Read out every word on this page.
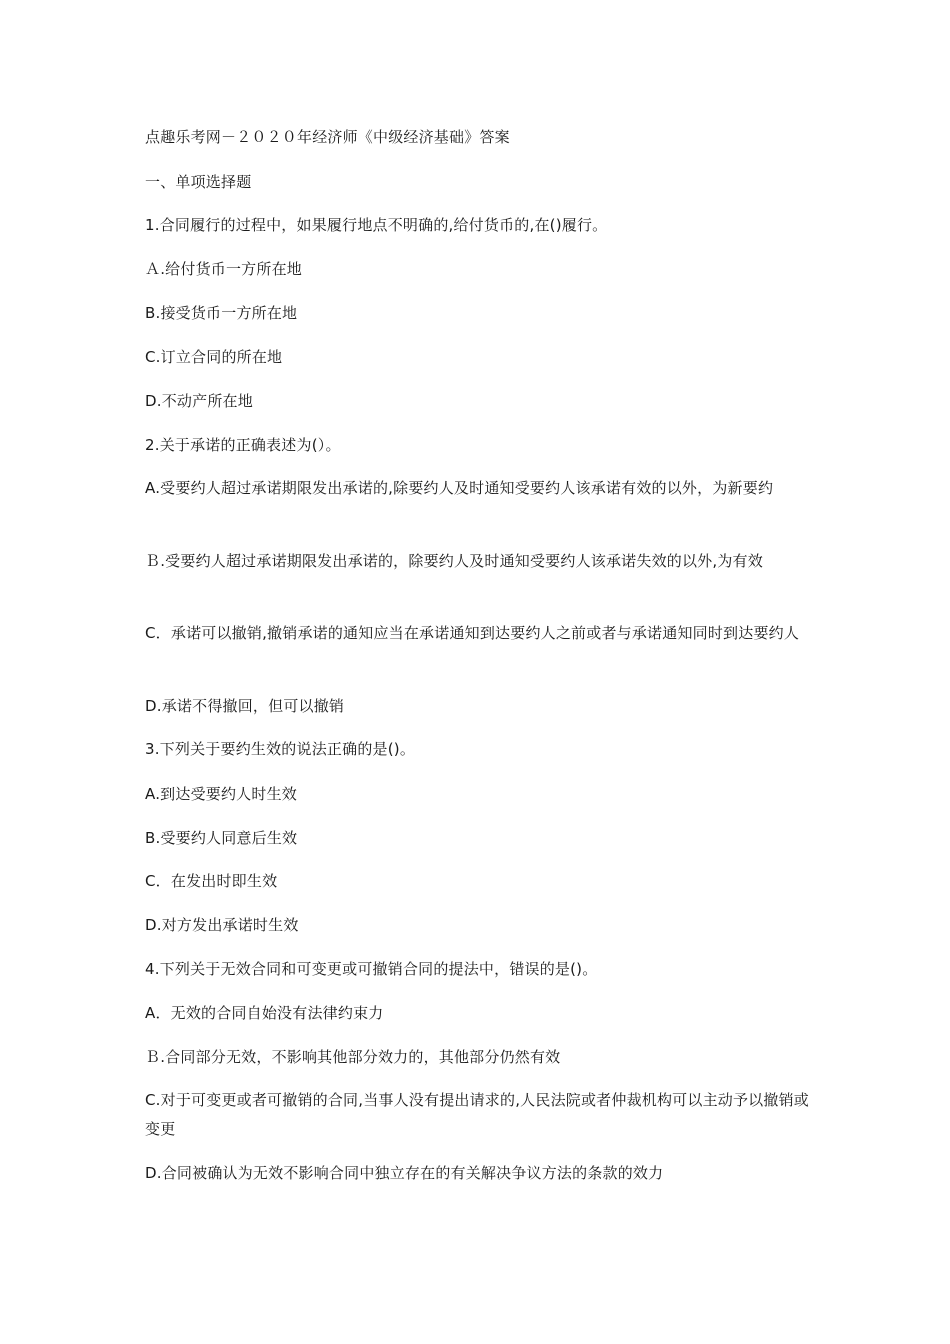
点趣乐考网－２０２０年经济师《中级经济基础》答案
一、单项选择题
1.合同履行的过程中，如果履行地点不明确的,给付货币的,在()履行。
Ａ.给付货币一方所在地
B.接受货币一方所在地
C.订立合同的所在地
D.不动产所在地
2.关于承诺的正确表述为(）。
A.受要约人超过承诺期限发出承诺的,除要约人及时通知受要约人该承诺有效的以外，为新要约
Ｂ.受要约人超过承诺期限发出承诺的，除要约人及时通知受要约人该承诺失效的以外,为有效
C．承诺可以撤销,撤销承诺的通知应当在承诺通知到达要约人之前或者与承诺通知同时到达要约人
D.承诺不得撤回，但可以撤销
3.下列关于要约生效的说法正确的是()。
A.到达受要约人时生效
B.受要约人同意后生效
C．在发出时即生效
D.对方发出承诺时生效
4.下列关于无效合同和可变更或可撤销合同的提法中，错误的是()。
A．无效的合同自始没有法律约束力
Ｂ.合同部分无效，不影响其他部分效力的，其他部分仍然有效
C.对于可变更或者可撤销的合同,当事人没有提出请求的,人民法院或者仲裁机构可以主动予以撤销或变更
D.合同被确认为无效不影响合同中独立存在的有关解决争议方法的条款的效力
